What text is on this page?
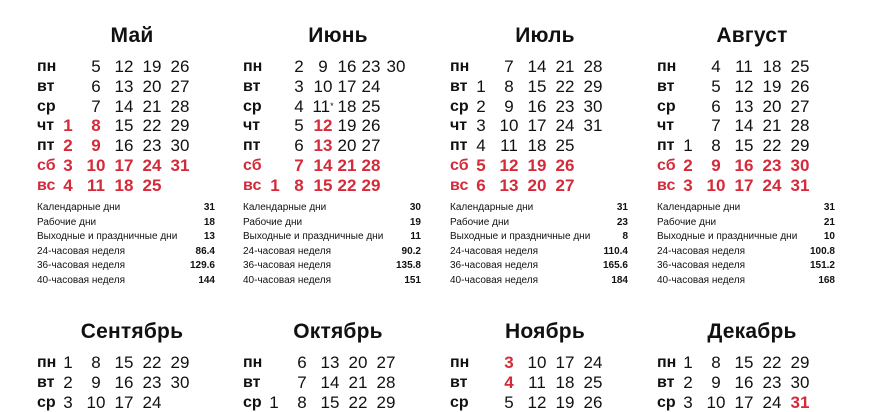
Май
пн	5 12 19 26
вт	6 13 20 27
ср	7 14 21 28
чт 1	8 15 22 29
пт 2	9 16 23 30
сб 3 10 17 24 31
вс 4 11 18 25
Календарные дни	31
Рабочие дни	18
Выходные и праздничные дни	13
24-часовая неделя	86.4
36-часовая неделя	129.6
40-часовая неделя	144
Июнь
пн	2 9 16 23 30
вт	3 10 17 24
ср	4 11* 18 25
чт	5 12 19 26
пт	6 13 20 27
сб	7 14 21 28
вс 1 8 15 22 29
Календарные дни	30
Рабочие дни	19
Выходные и праздничные дни	11
24-часовая неделя	90.2
36-часовая неделя	135.8
40-часовая неделя	151
Июль
пн	7 14 21 28
вт 1	8 15 22 29
ср 2	9 16 23 30
чт 3 10 17 24 31
пт 4 11 18 25
сб 5 12 19 26
вс 6 13 20 27
Календарные дни	31
Рабочие дни	23
Выходные и праздничные дни	8
24-часовая неделя	110.4
36-часовая неделя	165.6
40-часовая неделя	184
Август
пн	4 11 18 25
вт	5 12 19 26
ср	6 13 20 27
чт	7 14 21 28
пт 1	8 15 22 29
сб 2	9 16 23 30
вс 3 10 17 24 31
Календарные дни	31
Рабочие дни	21
Выходные и праздничные дни	10
24-часовая неделя	100.8
36-часовая неделя	151.2
40-часовая неделя	168
Сентябрь
пн 1	8 15 22 29
вт 2	9 16 23 30
ср 3 10 17 24
Октябрь
пн	6 13 20 27
вт	7 14 21 28
ср 1	8 15 22 29
Ноябрь
пн	3 10 17 24
вт	4 11 18 25
ср	5 12 19 26
Декабрь
пн 1	8 15 22 29
вт 2	9 16 23 30
ср 3 10 17 24 31
